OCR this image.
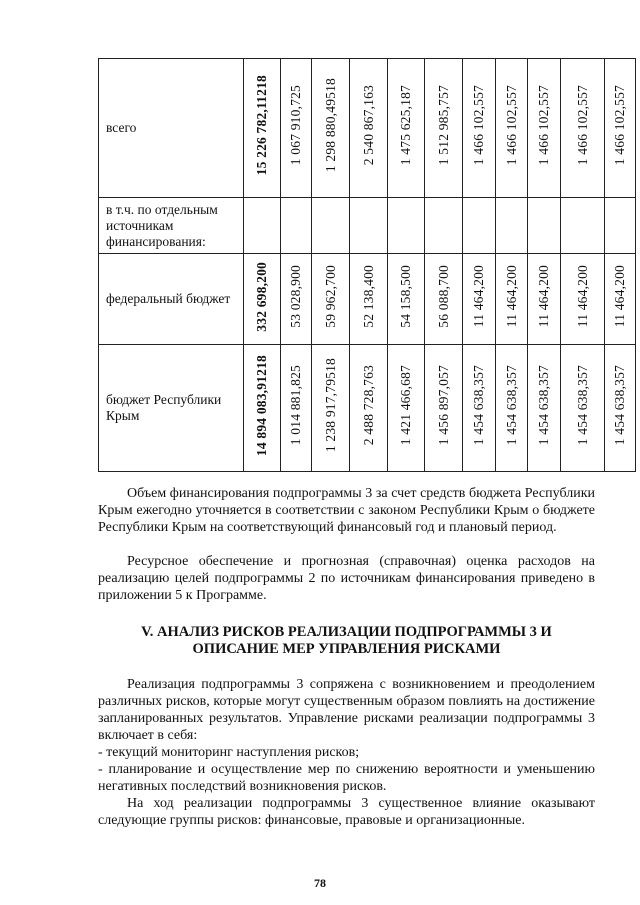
всего	15 226 782,11218	1 067 910,725	1 298 880,49518	2 540 867,163	1 475 625,187	1 512 985,757	1 466 102,557	1 466 102,557	1 466 102,557	1 466 102,557	1 466 102,557
в т.ч. по отдельным источникам финансирования:											
федеральный бюджет	332 698,200	53 028,900	59 962,700	52 138,400	54 158,500	56 088,700	11 464,200	11 464,200	11 464,200	11 464,200	11 464,200
бюджет Республики Крым	14 894 083,91218	1 014 881,825	1 238 917,79518	2 488 728,763	1 421 466,687	1 456 897,057	1 454 638,357	1 454 638,357	1 454 638,357	1 454 638,357	1 454 638,357

Объем финансирования подпрограммы 3 за счет средств бюджета Республики Крым ежегодно уточняется в соответствии с законом Республики Крым о бюджете Республики Крым на соответствующий финансовый год и плановый период.

Ресурсное обеспечение и прогнозная (справочная) оценка расходов на реализацию целей подпрограммы 2 по источникам финансирования приведено в приложении 5 к Программе.

V. АНАЛИЗ РИСКОВ РЕАЛИЗАЦИИ ПОДПРОГРАММЫ 3 И

ОПИСАНИЕ МЕР УПРАВЛЕНИЯ РИСКАМИ

Реализация подпрограммы 3 сопряжена с возникновением и преодолением различных рисков, которые могут существенным образом повлиять на достижение запланированных результатов. Управление рисками реализации подпрограммы 3 включает в себя:

- текущий мониторинг наступления рисков;

- планирование и осуществление мер по снижению вероятности и уменьшению негативных последствий возникновения рисков.

На ход реализации подпрограммы 3 существенное влияние оказывают следующие группы рисков: финансовые, правовые и организационные.

78
